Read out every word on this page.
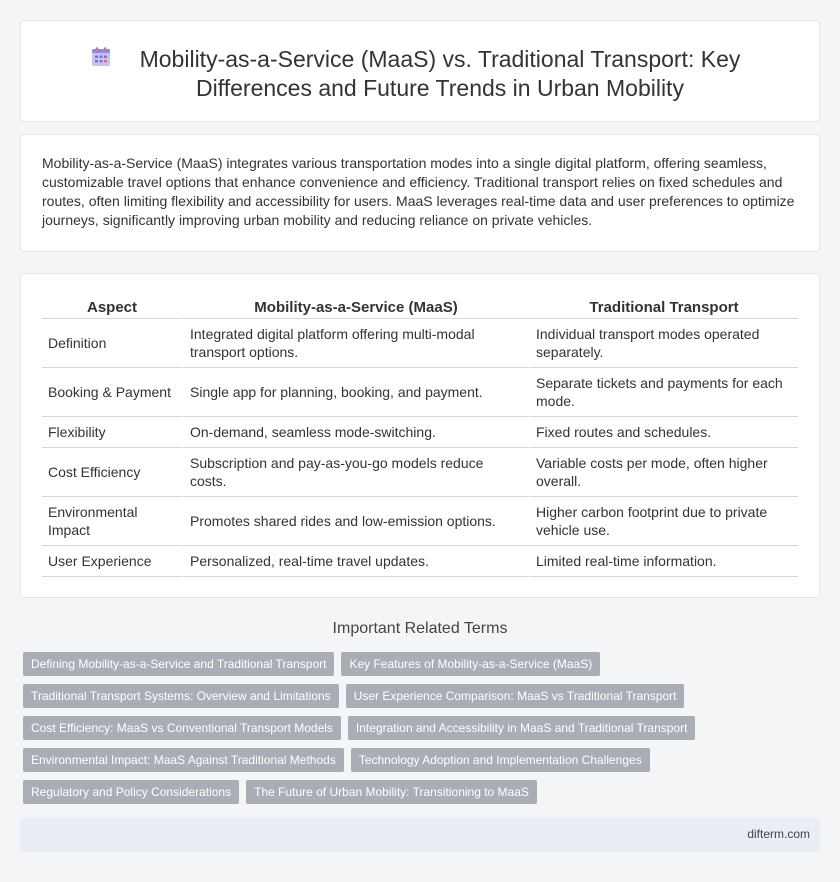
Mobility-as-a-Service (MaaS) vs. Traditional Transport: Key Differences and Future Trends in Urban Mobility

Mobility-as-a-Service (MaaS) integrates various transportation modes into a single digital platform, offering seamless, customizable travel options that enhance convenience and efficiency. Traditional transport relies on fixed schedules and routes, often limiting flexibility and accessibility for users. MaaS leverages real-time data and user preferences to optimize journeys, significantly improving urban mobility and reducing reliance on private vehicles.

Aspect	Mobility-as-a-Service (MaaS)	Traditional Transport
Definition	Integrated digital platform offering multi-modal transport options.	Individual transport modes operated separately.
Booking & Payment	Single app for planning, booking, and payment.	Separate tickets and payments for each mode.
Flexibility	On-demand, seamless mode-switching.	Fixed routes and schedules.
Cost Efficiency	Subscription and pay-as-you-go models reduce costs.	Variable costs per mode, often higher overall.
Environmental Impact	Promotes shared rides and low-emission options.	Higher carbon footprint due to private vehicle use.
User Experience	Personalized, real-time travel updates.	Limited real-time information.
Important Related Terms
Defining Mobility-as-a-Service and Traditional Transport	Key Features of Mobility-as-a-Service (MaaS)
Traditional Transport Systems: Overview and Limitations	User Experience Comparison: MaaS vs Traditional Transport
Cost Efficiency: MaaS vs Conventional Transport Models	Integration and Accessibility in MaaS and Traditional Transport
Environmental Impact: MaaS Against Traditional Methods	Technology Adoption and Implementation Challenges
Regulatory and Policy Considerations	The Future of Urban Mobility: Transitioning to MaaS
difterm.com
